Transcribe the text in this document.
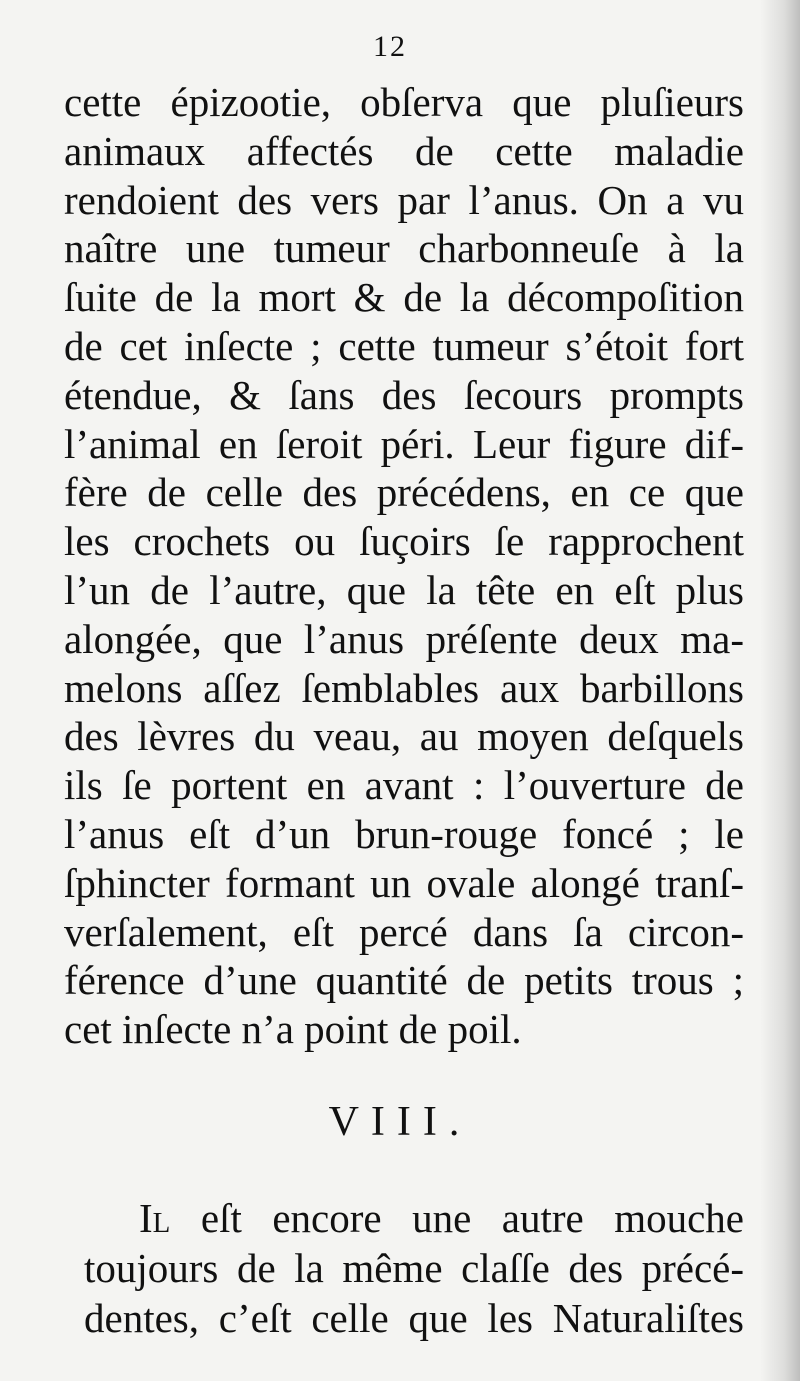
12
cette épizootie, obſerva que pluſieurs
animaux affectés de cette maladie
rendoient des vers par l’anus. On a vu
naître une tumeur charbonneuſe à la
ſuite de la mort & de la décompoſition
de cet inſecte ; cette tumeur s’étoit fort
étendue, & ſans des ſecours prompts
l’animal en ſeroit péri. Leur figure dif-
fère de celle des précédens, en ce que
les crochets ou ſuçoirs ſe rapprochent
l’un de l’autre, que la tête en eſt plus
alongée, que l’anus préſente deux ma-
melons aſſez ſemblables aux barbillons
des lèvres du veau, au moyen deſquels
ils ſe portent en avant : l’ouverture de
l’anus eſt d’un brun-rouge foncé ; le
ſphincter formant un ovale alongé tranſ-
verſalement, eſt percé dans ſa circon-
férence d’une quantité de petits trous ;
cet inſecte n’a point de poil.
VIII.
Il eſt encore une autre mouche
toujours de la même claſſe des précé-
dentes, c’eſt celle que les Naturaliſtes
